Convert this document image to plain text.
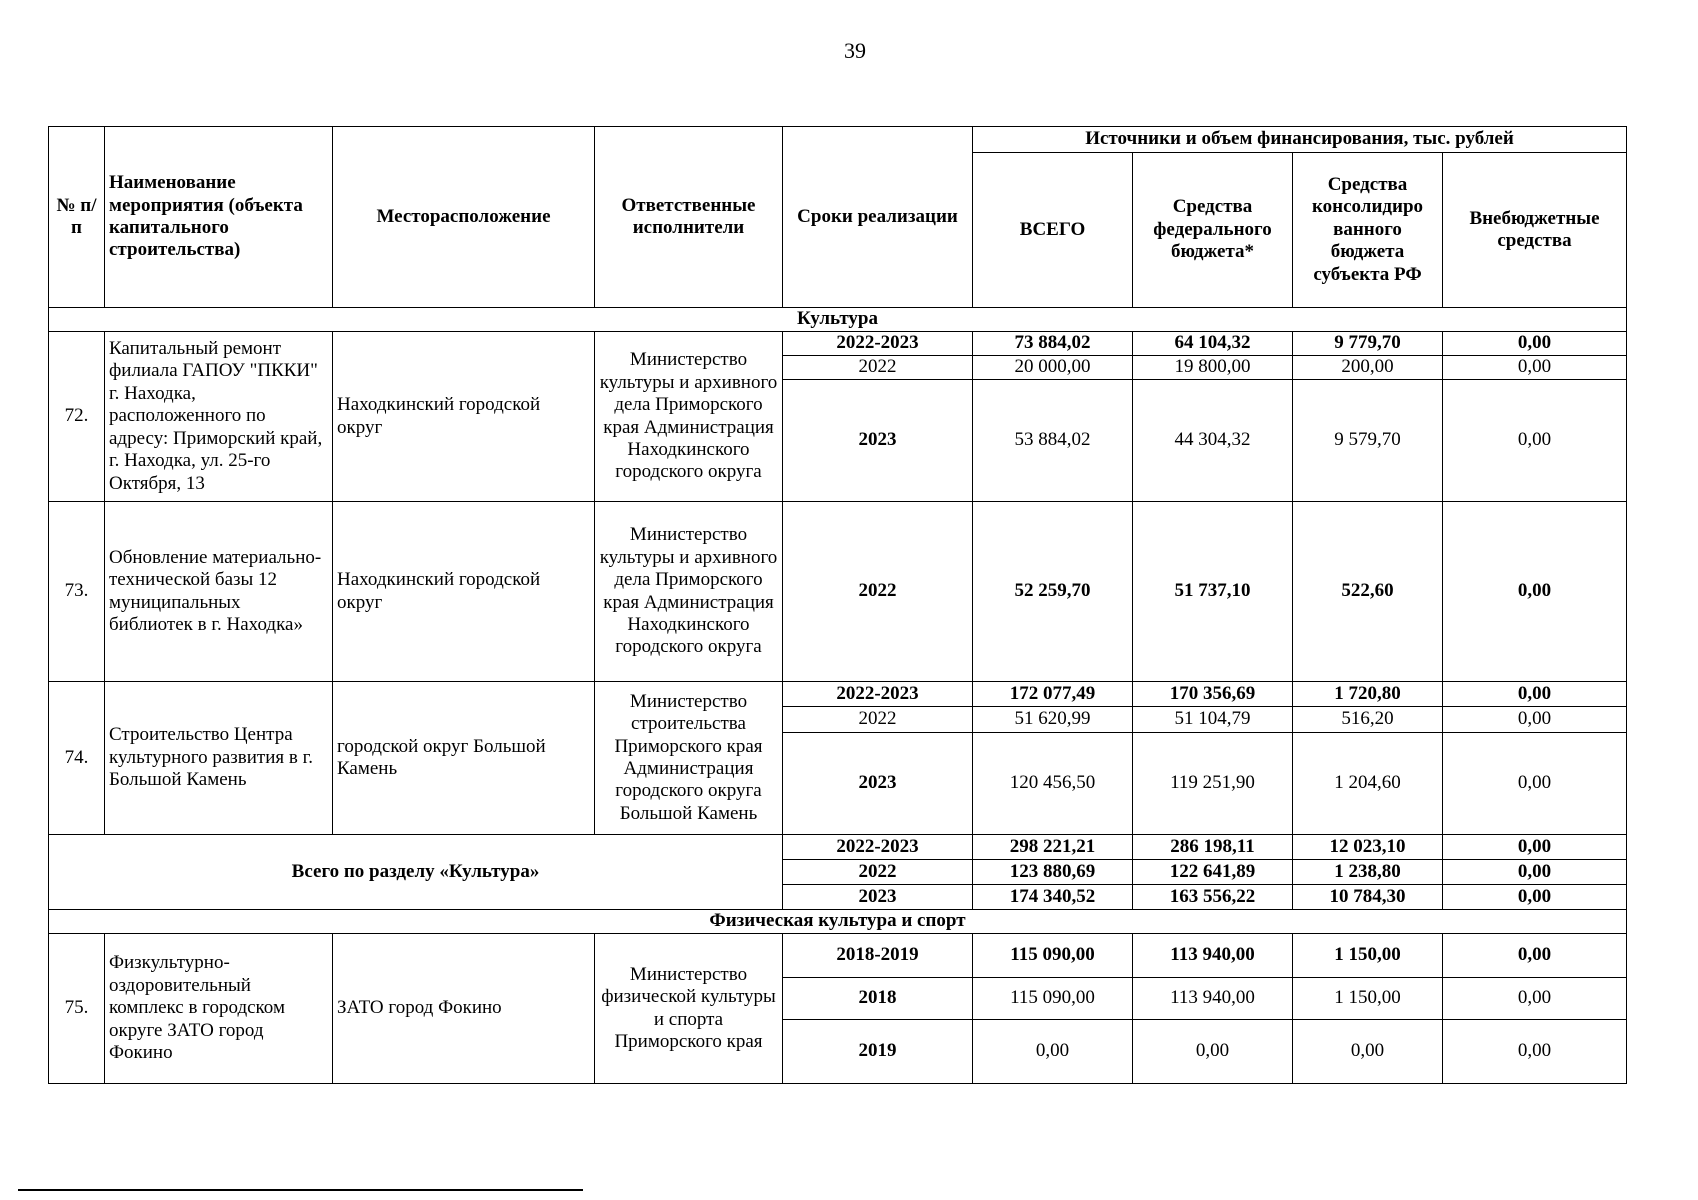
39
№ п/п	Наименование мероприятия (объекта капитального строительства)	Месторасположение	Ответственные исполнители	Сроки реализации	Источники и объем финансирования, тыс. рублей			
					ВСЕГО	Средства федерального бюджета*	Средства консолидиро ванного бюджета субъекта РФ	Внебюджетные средства
Культура								
72.	Капитальный ремонт филиала ГАПОУ "ПККИ" г. Находка, расположенного по адресу: Приморский край, г. Находка, ул. 25-го Октября, 13	Находкинский городской округ	Министерство культуры и архивного дела Приморского края Администрация Находкинского городского округа	2022-2023	73 884,02	64 104,32	9 779,70	0,00
				2022	20 000,00	19 800,00	200,00	0,00
				2023	53 884,02	44 304,32	9 579,70	0,00
73.	Обновление материально-технической базы 12 муниципальных библиотек в г. Находка»	Находкинский городской округ	Министерство культуры и архивного дела Приморского края Администрация Находкинского городского округа	2022	52 259,70	51 737,10	522,60	0,00
74.	Строительство Центра культурного развития в г. Большой Камень	городской округ Большой Камень	Министерство строительства Приморского края Администрация городского округа Большой Камень	2022-2023	172 077,49	170 356,69	1 720,80	0,00
				2022	51 620,99	51 104,79	516,20	0,00
				2023	120 456,50	119 251,90	1 204,60	0,00
Всего по разделу «Культура»				2022-2023	298 221,21	286 198,11	12 023,10	0,00
				2022	123 880,69	122 641,89	1 238,80	0,00
				2023	174 340,52	163 556,22	10 784,30	0,00
Физическая культура и спорт								
75.	Физкультурно-оздоровительный комплекс в городском округе ЗАТО город Фокино	ЗАТО город Фокино	Министерство физической культуры и спорта Приморского края	2018-2019	115 090,00	113 940,00	1 150,00	0,00
				2018	115 090,00	113 940,00	1 150,00	0,00
				2019	0,00	0,00	0,00	0,00
